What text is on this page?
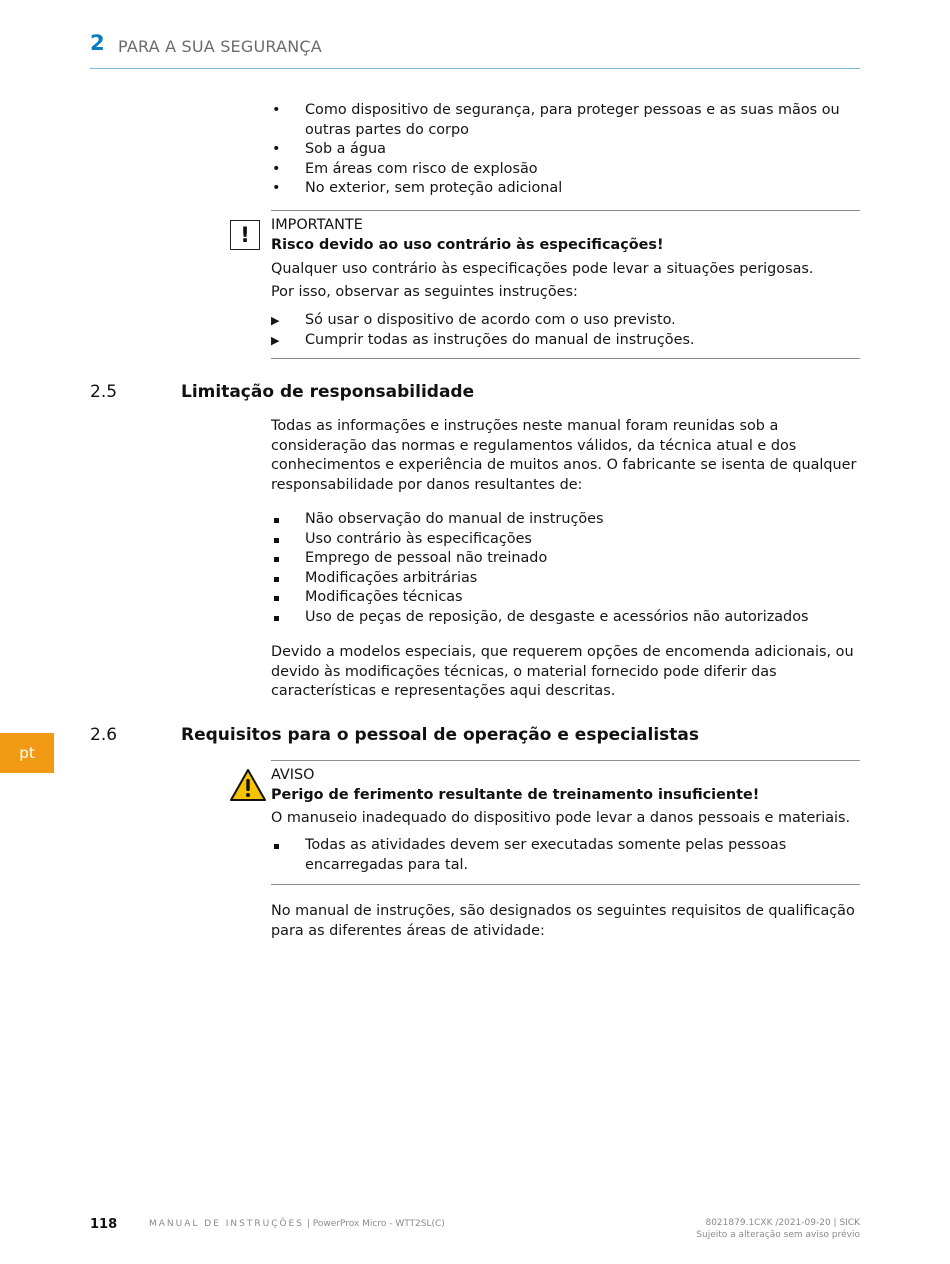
2 PARA A SUA SEGURANÇA
• Como dispositivo de segurança, para proteger pessoas e as suas mãos ou outras partes do corpo
• Sob a água
• Em áreas com risco de explosão
• No exterior, sem proteção adicional
!	IMPORTANTE
Risco devido ao uso contrário às especificações!
Qualquer uso contrário às especificações pode levar a situações perigosas.
Por isso, observar as seguintes instruções:
▶ Só usar o dispositivo de acordo com o uso previsto.
▶ Cumprir todas as instruções do manual de instruções.
2.5	Limitação de responsabilidade
Todas as informações e instruções neste manual foram reunidas sob a consideração das normas e regulamentos válidos, da técnica atual e dos conhecimentos e experiência de muitos anos. O fabricante se isenta de qualquer responsabilidade por danos resultantes de:
Não observação do manual de instruções
Uso contrário às especificações
Emprego de pessoal não treinado
Modificações arbitrárias
Modificações técnicas
Uso de peças de reposição, de desgaste e acessórios não autorizados
Devido a modelos especiais, que requerem opções de encomenda adicionais, ou devido às modificações técnicas, o material fornecido pode diferir das características e representações aqui descritas.
pt
2.6	Requisitos para o pessoal de operação e especialistas
AVISO
Perigo de ferimento resultante de treinamento insuficiente!
O manuseio inadequado do dispositivo pode levar a danos pessoais e materiais.
Todas as atividades devem ser executadas somente pelas pessoas encarregadas para tal.
No manual de instruções, são designados os seguintes requisitos de qualificação para as diferentes áreas de atividade:
118	MANUAL DE INSTRUÇÕES | PowerProx Micro - WTT2SL(C)	8021879.1CXK /2021-09-20 | SICK
Sujeito a alteração sem aviso prévio
